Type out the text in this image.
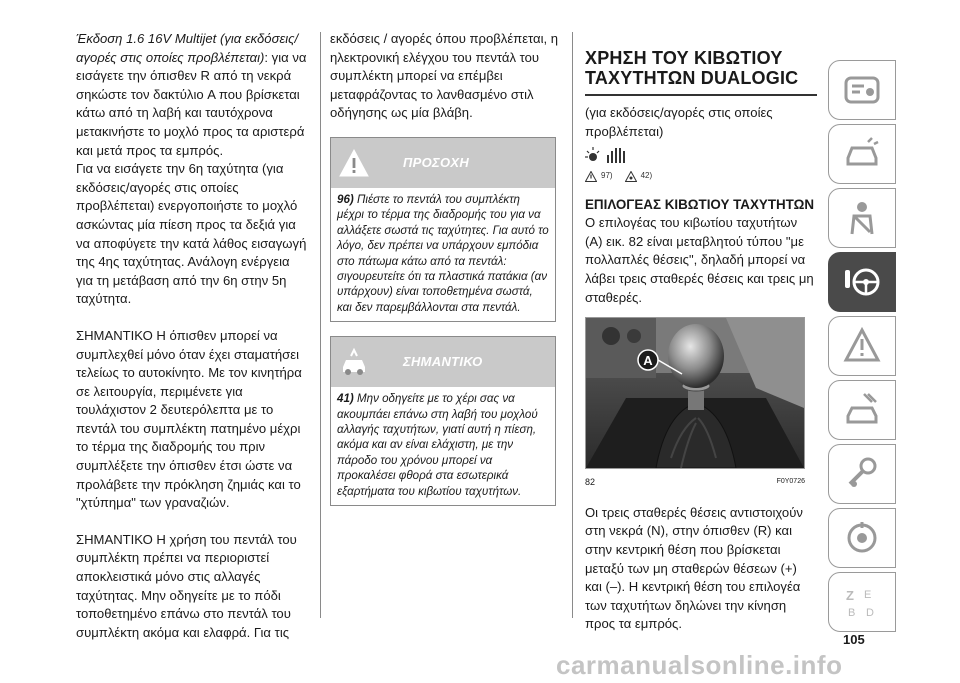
Έκδοση 1.6 16V Multijet (για εκδόσεις/αγορές στις οποίες προβλέπεται): για να εισάγετε την όπισθεν R από τη νεκρά σηκώστε τον δακτύλιο A που βρίσκεται κάτω από τη λαβή και ταυτόχρονα μετακινήστε το μοχλό προς τα αριστερά και μετά προς τα εμπρός.
Για να εισάγετε την 6η ταχύτητα (για εκδόσεις/αγορές στις οποίες προβλέπεται) ενεργοποιήστε το μοχλό ασκώντας μία πίεση προς τα δεξιά για να αποφύγετε την κατά λάθος εισαγωγή της 4ης ταχύτητας. Ανάλογη ενέργεια για τη μετάβαση από την 6η στην 5η ταχύτητα.

ΣΗΜΑΝΤΙΚΟ Η όπισθεν μπορεί να συμπλεχθεί μόνο όταν έχει σταματήσει τελείως το αυτοκίνητο. Με τον κινητήρα σε λειτουργία, περιμένετε για τουλάχιστον 2 δευτερόλεπτα με το πεντάλ του συμπλέκτη πατημένο μέχρι το τέρμα της διαδρομής του πριν συμπλέξετε την όπισθεν έτσι ώστε να προλάβετε την πρόκληση ζημιάς και το "χτύπημα" των γραναζιών.

ΣΗΜΑΝΤΙΚΟ Η χρήση του πεντάλ του συμπλέκτη πρέπει να περιοριστεί αποκλειστικά μόνο στις αλλαγές ταχύτητας. Μην οδηγείτε με το πόδι τοποθετημένο επάνω στο πεντάλ του συμπλέκτη ακόμα και ελαφρά. Για τις

εκδόσεις / αγορές όπου προβλέπεται, η ηλεκτρονική ελέγχου του πεντάλ του συμπλέκτη μπορεί να επέμβει μεταφράζοντας το λανθασμένο στιλ οδήγησης ως μία βλάβη.

ΠΡΟΣΟΧΗ
96) Πιέστε το πεντάλ του συμπλέκτη μέχρι το τέρμα της διαδρομής του για να αλλάξετε σωστά τις ταχύτητες. Για αυτό το λόγο, δεν πρέπει να υπάρχουν εμπόδια στο πάτωμα κάτω από τα πεντάλ: σιγουρευτείτε ότι τα πλαστικά πατάκια (αν υπάρχουν) είναι τοποθετημένα σωστά, και δεν παρεμβάλλονται στα πεντάλ.
ΣΗΜΑΝΤΙΚΟ
41) Μην οδηγείτε με το χέρι σας να ακουμπάει επάνω στη λαβή του μοχλού αλλαγής ταχυτήτων, γιατί αυτή η πίεση, ακόμα και αν είναι ελάχιστη, με την πάροδο του χρόνου μπορεί να προκαλέσει φθορά στα εσωτερικά εξαρτήματα του κιβωτίου ταχυτήτων.
ΧΡΗΣΗ ΤΟΥ ΚΙΒΩΤΙΟΥ ΤΑΧΥΤΗΤΩΝ DUALOGIC
(για εκδόσεις/αγορές στις οποίες προβλέπεται)
97)	42)
ΕΠΙΛΟΓΕΑΣ ΚΙΒΩΤΙΟΥ ΤΑΧΥΤΗΤΩΝ

Ο επιλογέας του κιβωτίου ταχυτήτων (A) εικ. 82 είναι μεταβλητού τύπου "με πολλαπλές θέσεις", δηλαδή μπορεί να λάβει τρεις σταθερές θέσεις και τρεις μη σταθερές.

A
82	F0Y0726

Οι τρεις σταθερές θέσεις αντιστοιχούν στη νεκρά (N), στην όπισθεν (R) και στην κεντρική θέση που βρίσκεται μεταξύ των μη σταθερών θέσεων (+) και (–). Η κεντρική θέση του επιλογέα των ταχυτήτων δηλώνει την κίνηση προς τα εμπρός.

Z E
B D
105
carmanualsonline.info
